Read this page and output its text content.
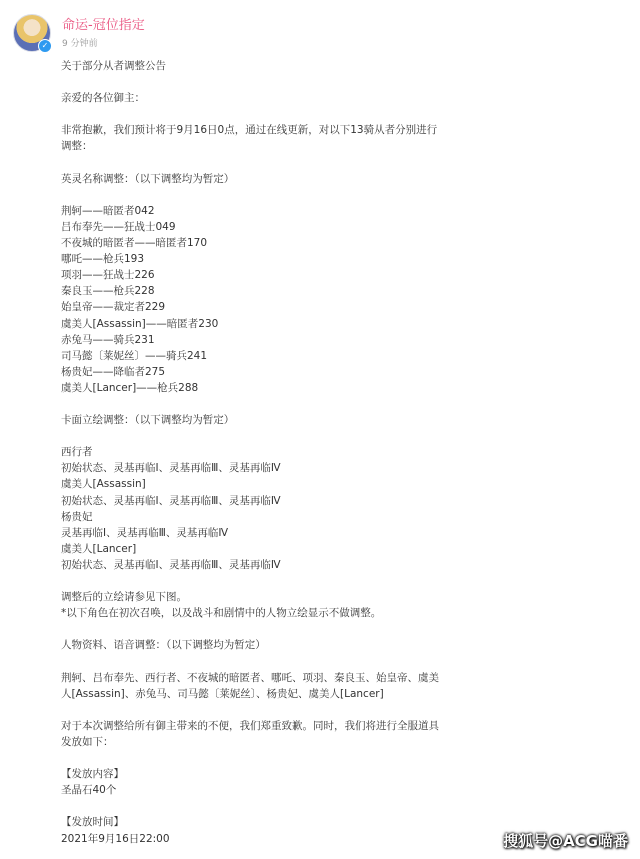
✓
命运-冠位指定
9 分钟前
关于部分从者调整公告
亲爱的各位御主：
非常抱歉，我们预计将于9月16日0点，通过在线更新，对以下13骑从者分别进行
调整：
英灵名称调整：（以下调整均为暂定）
荆轲——暗匿者042
吕布奉先——狂战士049
不夜城的暗匿者——暗匿者170
哪吒——枪兵193
项羽——狂战士226
秦良玉——枪兵228
始皇帝——裁定者229
虞美人[Assassin]——暗匿者230
赤兔马——骑兵231
司马懿〔莱妮丝〕——骑兵241
杨贵妃——降临者275
虞美人[Lancer]——枪兵288
卡面立绘调整：（以下调整均为暂定）
西行者
初始状态、灵基再临Ⅰ、灵基再临Ⅲ、灵基再临Ⅳ
虞美人[Assassin]
初始状态、灵基再临Ⅰ、灵基再临Ⅲ、灵基再临Ⅳ
杨贵妃
灵基再临Ⅰ、灵基再临Ⅲ、灵基再临Ⅳ
虞美人[Lancer]
初始状态、灵基再临Ⅰ、灵基再临Ⅲ、灵基再临Ⅳ
调整后的立绘请参见下图。
*以下角色在初次召唤，以及战斗和剧情中的人物立绘显示不做调整。
人物资料、语音调整：（以下调整均为暂定）
荆轲、吕布奉先、西行者、不夜城的暗匿者、哪吒、项羽、秦良玉、始皇帝、虞美
人[Assassin]、赤兔马、司马懿〔莱妮丝〕、杨贵妃、虞美人[Lancer]
对于本次调整给所有御主带来的不便，我们郑重致歉。同时，我们将进行全服道具
发放如下：
【发放内容】
圣晶石40个
【发放时间】
2021年9月16日22:00	搜狐号@ACG喵番
